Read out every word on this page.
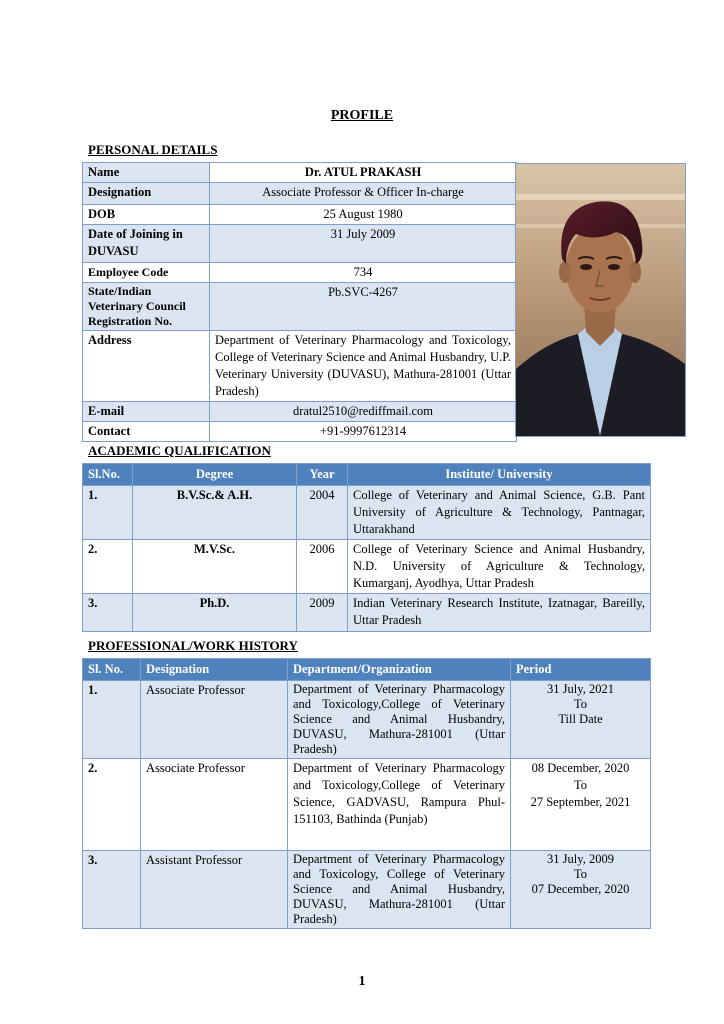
PROFILE
PERSONAL DETAILS
Name	Dr. ATUL PRAKASH
Designation	Associate Professor & Officer In-charge
DOB	25 August 1980
Date of Joining in DUVASU	31 July 2009
Employee Code	734
State/Indian Veterinary Council Registration No.	Pb.SVC-4267
Address	Department of Veterinary Pharmacology and Toxicology, College of Veterinary Science and Animal Husbandry, U.P. Veterinary University (DUVASU), Mathura-281001 (Uttar Pradesh)
E-mail	dratul2510@rediffmail.com
Contact	+91-9997612314
ACADEMIC QUALIFICATION
Sl.No.	Degree	Year	Institute/ University
1.	B.V.Sc.& A.H.	2004	College of Veterinary and Animal Science, G.B. Pant University of Agriculture & Technology, Pantnagar, Uttarakhand
2.	M.V.Sc.	2006	College of Veterinary Science and Animal Husbandry, N.D. University of Agriculture & Technology, Kumarganj, Ayodhya, Uttar Pradesh
3.	Ph.D.	2009	Indian Veterinary Research Institute, Izatnagar, Bareilly, Uttar Pradesh
PROFESSIONAL/WORK HISTORY
Sl. No.	Designation	Department/Organization	Period
1.	Associate Professor	Department of Veterinary Pharmacology and Toxicology,College of Veterinary Science and Animal Husbandry, DUVASU, Mathura-281001 (Uttar Pradesh)	31 July, 2021
To
Till Date

2.	Associate Professor	Department of Veterinary Pharmacology and Toxicology,College of Veterinary Science, GADVASU, Rampura Phul-151103, Bathinda (Punjab)	08 December, 2020
To
27 September, 2021

3.	Assistant Professor	Department of Veterinary Pharmacology and Toxicology, College of Veterinary Science and Animal Husbandry, DUVASU, Mathura-281001 (Uttar Pradesh)	31 July, 2009
To
07 December, 2020
1
